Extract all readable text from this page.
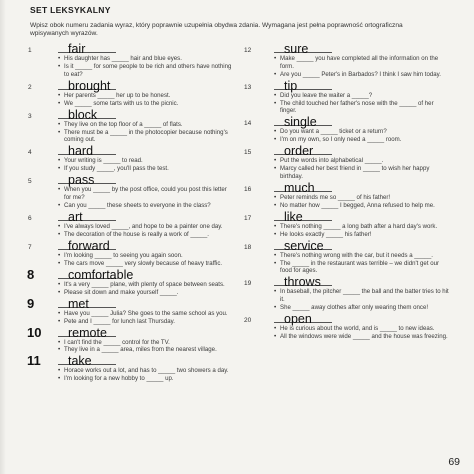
SET LEKSYKALNY
Wpisz obok numeru zadania wyraz, który poprawnie uzupełnia obydwa zdania. Wymagana jest pełna poprawność ortograficzna wpisywanych wyrazów.
1	fair
• His daughter has _____ hair and blue eyes.
• Is it _____ for some people to be rich and others have nothing to eat?
2	brought
• Her parents _____ her up to be honest.
• We _____ some tarts with us to the picnic.
3	block
• They live on the top floor of a _____ of flats.
• There must be a _____ in the photocopier because nothing's coming out.
4	hard
• Your writing is _____ to read.
• If you study _____, you'll pass the test.
5	pass
• When you _____ by the post office, could you post this letter for me?
• Can you _____ these sheets to everyone in the class?
6	art
• I've always loved _____, and hope to be a painter one day.
• The decoration of the house is really a work of _____.
7	forward
• I'm looking _____ to seeing you again soon.
• The cars move _____ very slowly because of heavy traffic.
8	comfortable
• It's a very _____ plane, with plenty of space between seats.
• Please sit down and make yourself _____.
9	met
• Have you _____ Julia? She goes to the same school as you.
• Pete and I _____ for lunch last Thursday.
10 remote
• I can't find the _____ control for the TV.
• They live in a _____ area, miles from the nearest village.
11 take
• Horace works out a lot, and has to _____ two showers a day.
• I'm looking for a new hobby to _____ up.
12	sure
• Make _____ you have completed all the information on the form.
• Are you _____ Peter's in Barbados? I think I saw him today.
13	tip
• Did you leave the waiter a _____?
• The child touched her father's nose with the _____ of her finger.
14	single
• Do you want a _____ ticket or a return?
• I'm on my own, so I only need a _____ room.
15	order
• Put the words into alphabetical _____.
• Marcy called her best friend in _____ to wish her happy birthday.
16	much
• Peter reminds me so _____ of his father!
• No matter how _____ I begged, Anna refused to help me.
17	like
• There's nothing _____ a long bath after a hard day's work.
• He looks exactly _____ his father!
18	service
• There's nothing wrong with the car, but it needs a _____.
• The _____ in the restaurant was terrible – we didn't get our food for ages.
19	throws
• In baseball, the pitcher _____ the ball and the batter tries to hit it.
• She _____ away clothes after only wearing them once!
20	open
• He is curious about the world, and is _____ to new ideas.
• All the windows were wide _____ and the house was freezing.
69
